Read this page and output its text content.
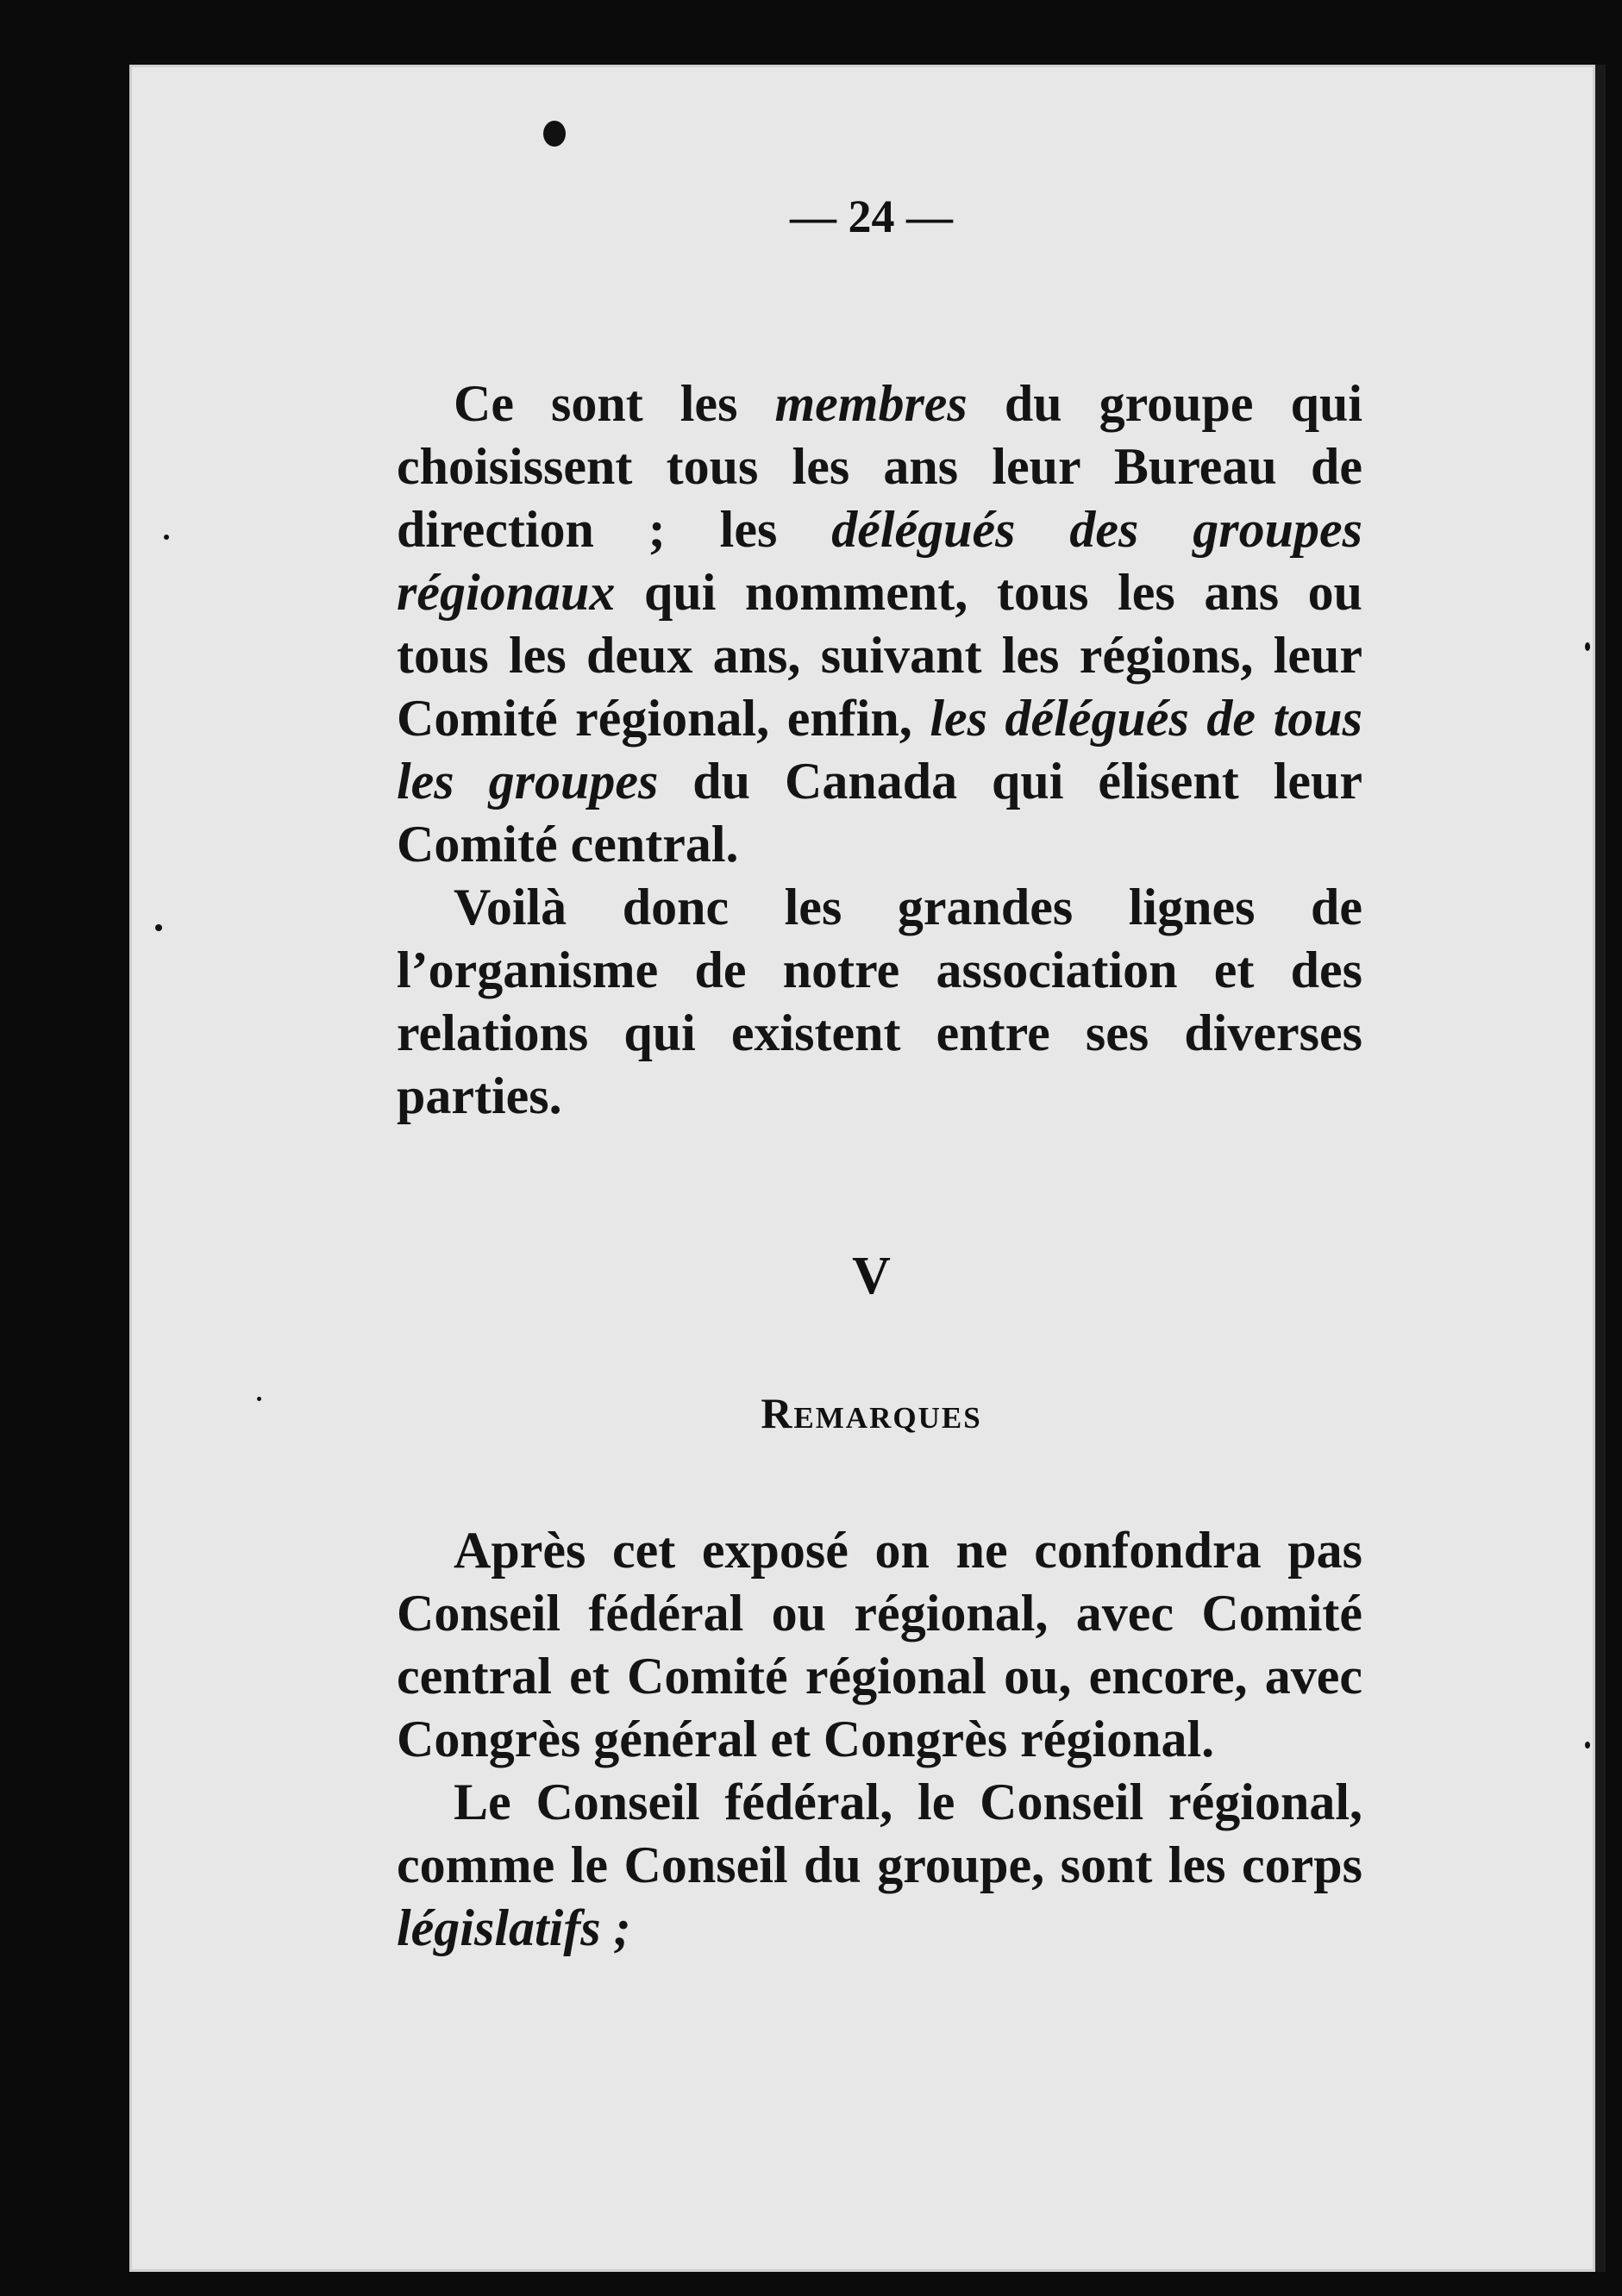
— 24 —

Ce sont les membres du groupe qui choisissent tous les ans leur Bureau de direction ; les délégués des groupes régionaux qui nomment, tous les ans ou tous les deux ans, suivant les régions, leur Comité régional, enfin, les délégués de tous les groupes du Canada qui élisent leur Comité central.

Voilà donc les grandes lignes de l’organisme de notre association et des relations qui existent entre ses diverses parties.

V
Remarques

Après cet exposé on ne confondra pas Conseil fédéral ou régional, avec Comité central et Comité régional ou, encore, avec Congrès général et Congrès régional.

Le Conseil fédéral, le Conseil régional, comme le Conseil du groupe, sont les corps législatifs ;
